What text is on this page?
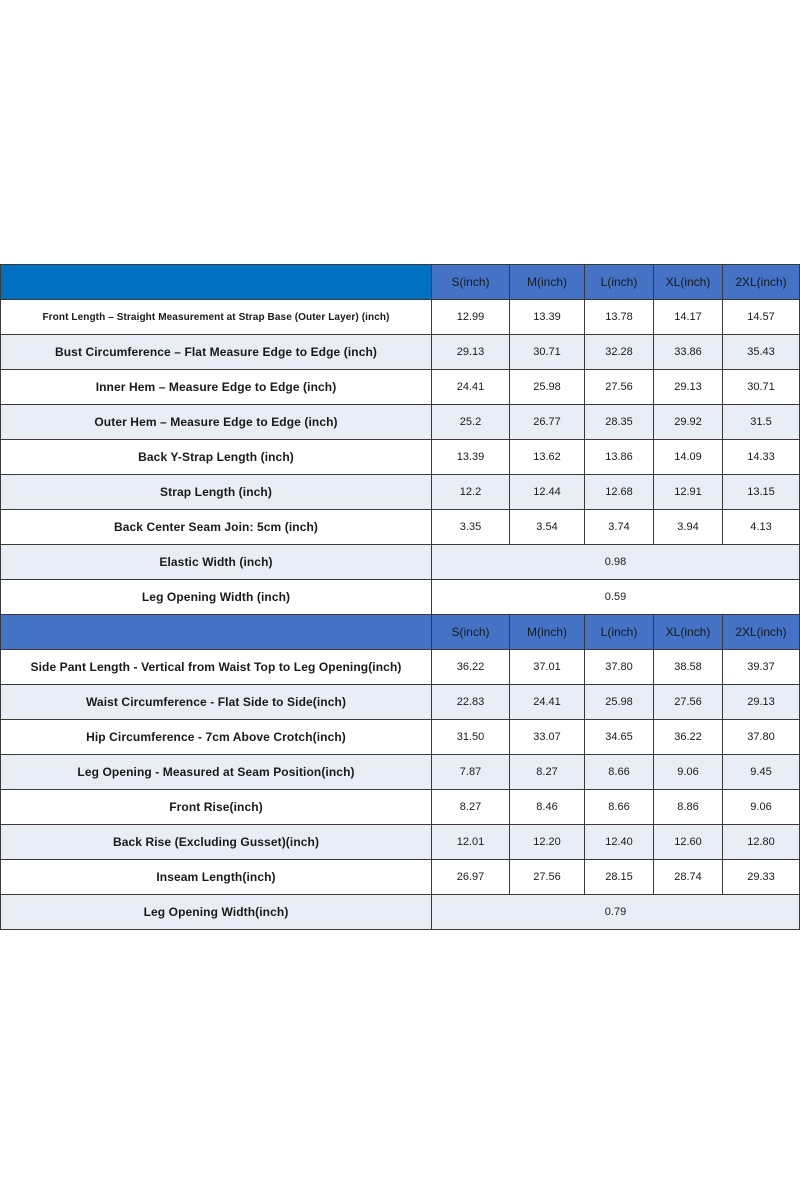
	S(inch)	M(inch)	L(inch)	XL(inch)	2XL(inch)
Front Length – Straight Measurement at Strap Base (Outer Layer) (inch)	12.99	13.39	13.78	14.17	14.57
Bust Circumference – Flat Measure Edge to Edge (inch)	29.13	30.71	32.28	33.86	35.43
Inner Hem – Measure Edge to Edge (inch)	24.41	25.98	27.56	29.13	30.71
Outer Hem – Measure Edge to Edge (inch)	25.2	26.77	28.35	29.92	31.5
Back Y-Strap Length (inch)	13.39	13.62	13.86	14.09	14.33
Strap Length (inch)	12.2	12.44	12.68	12.91	13.15
Back Center Seam Join: 5cm (inch)	3.35	3.54	3.74	3.94	4.13
Elastic Width (inch)	0.98				
Leg Opening Width (inch)	0.59				
	S(inch)	M(inch)	L(inch)	XL(inch)	2XL(inch)
Side Pant Length - Vertical from Waist Top to Leg Opening(inch)	36.22	37.01	37.80	38.58	39.37
Waist Circumference - Flat Side to Side(inch)	22.83	24.41	25.98	27.56	29.13
Hip Circumference - 7cm Above Crotch(inch)	31.50	33.07	34.65	36.22	37.80
Leg Opening - Measured at Seam Position(inch)	7.87	8.27	8.66	9.06	9.45
Front Rise(inch)	8.27	8.46	8.66	8.86	9.06
Back Rise (Excluding Gusset)(inch)	12.01	12.20	12.40	12.60	12.80
Inseam Length(inch)	26.97	27.56	28.15	28.74	29.33
Leg Opening Width(inch)	0.79				
